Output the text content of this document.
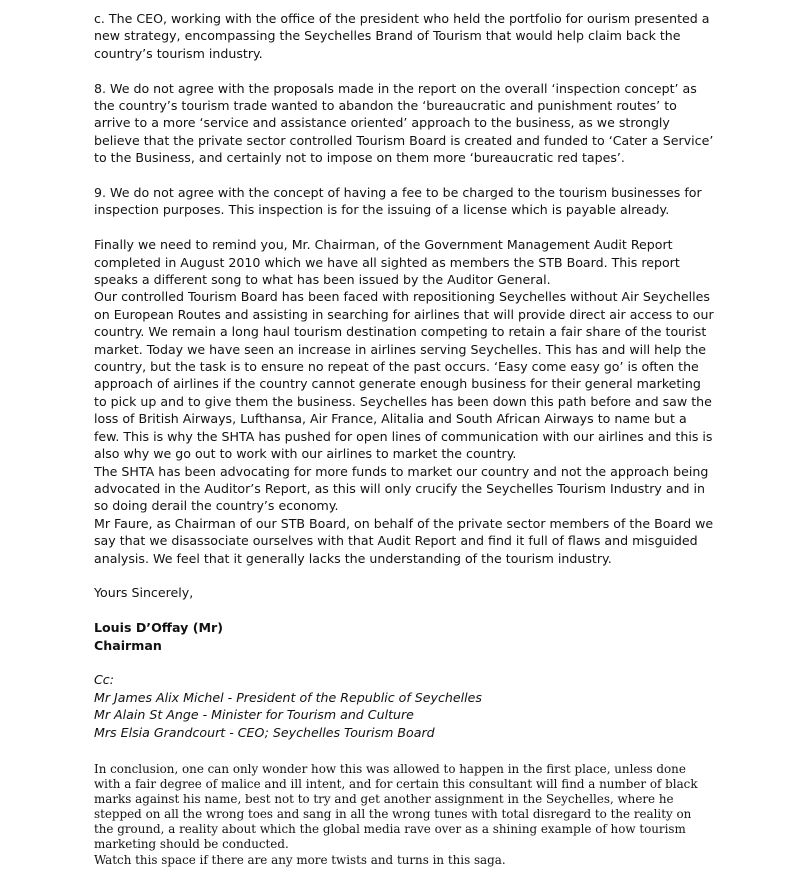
c. The CEO, working with the office of the president who held the portfolio for ourism presented a new strategy, encompassing the Seychelles Brand of Tourism that would help claim back the country’s tourism industry.

8. We do not agree with the proposals made in the report on the overall ‘inspection concept’ as the country’s tourism trade wanted to abandon the ‘bureaucratic and punishment routes’ to arrive to a more ‘service and assistance oriented’ approach to the business, as we strongly believe that the private sector controlled Tourism Board is created and funded to ‘Cater a Service’ to the Business, and certainly not to impose on them more ‘bureaucratic red tapes’.

9. We do not agree with the concept of having a fee to be charged to the tourism businesses for inspection purposes. This inspection is for the issuing of a license which is payable already.

Finally we need to remind you, Mr. Chairman, of the Government Management Audit Report completed in August 2010 which we have all sighted as members the STB Board. This report speaks a different song to what has been issued by the Auditor General.

Our controlled Tourism Board has been faced with repositioning Seychelles without Air Seychelles on European Routes and assisting in searching for airlines that will provide direct air access to our country. We remain a long haul tourism destination competing to retain a fair share of the tourist market. Today we have seen an increase in airlines serving Seychelles. This has and will help the country, but the task is to ensure no repeat of the past occurs. ‘Easy come easy go’ is often the approach of airlines if the country cannot generate enough business for their general marketing to pick up and to give them the business. Seychelles has been down this path before and saw the loss of British Airways, Lufthansa, Air France, Alitalia and South African Airways to name but a few. This is why the SHTA has pushed for open lines of communication with our airlines and this is also why we go out to work with our airlines to market the country.

The SHTA has been advocating for more funds to market our country and not the approach being advocated in the Auditor’s Report, as this will only crucify the Seychelles Tourism Industry and in so doing derail the country’s economy.

Mr Faure, as Chairman of our STB Board, on behalf of the private sector members of the Board we say that we disassociate ourselves with that Audit Report and find it full of flaws and misguided analysis. We feel that it generally lacks the understanding of the tourism industry.

Yours Sincerely,

Louis D’Offay (Mr)

Chairman

Cc:

Mr James Alix Michel - President of the Republic of Seychelles

Mr Alain St Ange - Minister for Tourism and Culture

Mrs Elsia Grandcourt - CEO; Seychelles Tourism Board

In conclusion, one can only wonder how this was allowed to happen in the first place, unless done with a fair degree of malice and ill intent, and for certain this consultant will find a number of black marks against his name, best not to try and get another assignment in the Seychelles, where he stepped on all the wrong toes and sang in all the wrong tunes with total disregard to the reality on the ground, a reality about which the global media rave over as a shining example of how tourism marketing should be conducted.

Watch this space if there are any more twists and turns in this saga.
